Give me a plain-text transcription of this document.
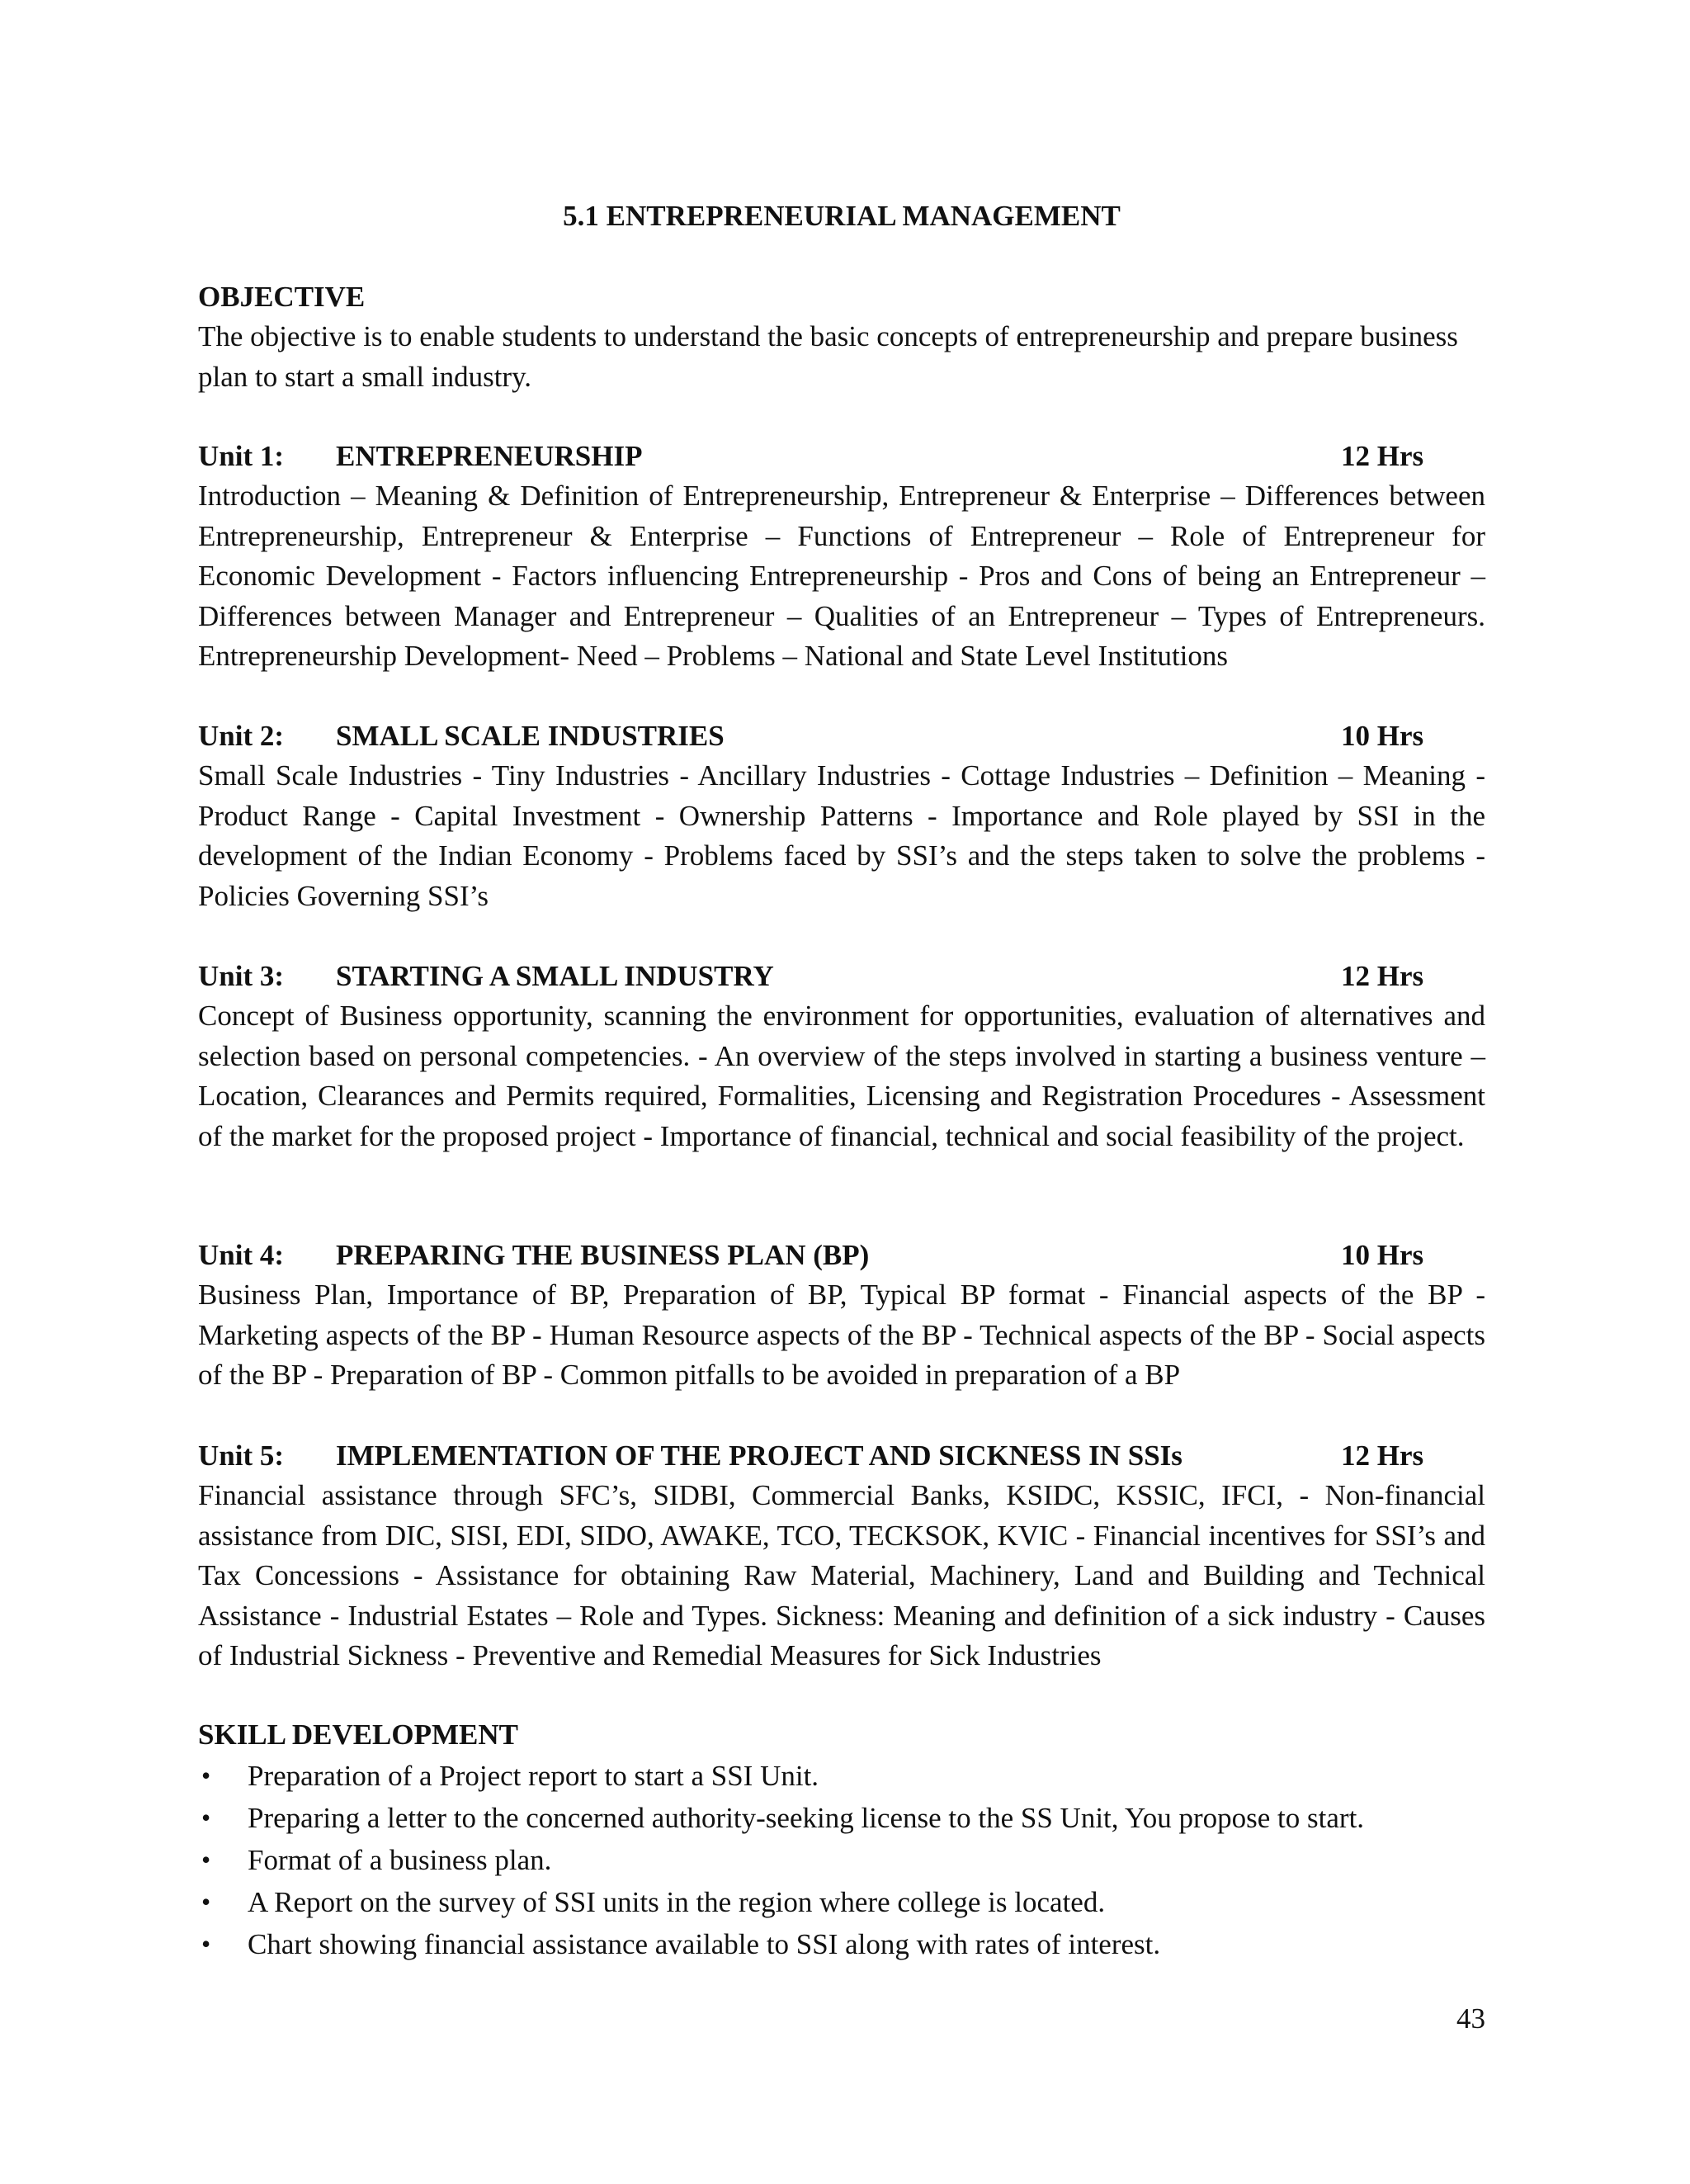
5.1 ENTREPRENEURIAL MANAGEMENT
OBJECTIVE
The objective is to enable students to understand the basic concepts of entrepreneurship and prepare business plan to start a small industry.
Unit 1: ENTREPRENEURSHIP	12 Hrs
Introduction – Meaning & Definition of Entrepreneurship, Entrepreneur & Enterprise – Differences between Entrepreneurship, Entrepreneur & Enterprise – Functions of Entrepreneur – Role of Entrepreneur for Economic Development - Factors influencing Entrepreneurship - Pros and Cons of being an Entrepreneur – Differences between Manager and Entrepreneur – Qualities of an Entrepreneur – Types of Entrepreneurs. Entrepreneurship Development- Need – Problems – National and State Level Institutions
Unit 2: SMALL SCALE INDUSTRIES	10 Hrs
Small Scale Industries - Tiny Industries - Ancillary Industries - Cottage Industries – Definition – Meaning - Product Range - Capital Investment - Ownership Patterns - Importance and Role played by SSI in the development of the Indian Economy - Problems faced by SSI’s and the steps taken to solve the problems - Policies Governing SSI’s
Unit 3: STARTING A SMALL INDUSTRY	12 Hrs
Concept of Business opportunity, scanning the environment for opportunities, evaluation of alternatives and selection based on personal competencies. - An overview of the steps involved in starting a business venture – Location, Clearances and Permits required, Formalities, Licensing and Registration Procedures - Assessment of the market for the proposed project - Importance of financial, technical and social feasibility of the project.
Unit 4: PREPARING THE BUSINESS PLAN (BP)	10 Hrs
Business Plan, Importance of BP, Preparation of BP, Typical BP format - Financial aspects of the BP - Marketing aspects of the BP - Human Resource aspects of the BP - Technical aspects of the BP - Social aspects of the BP - Preparation of BP - Common pitfalls to be avoided in preparation of a BP
Unit 5: IMPLEMENTATION OF THE PROJECT AND SICKNESS IN SSIs	12 Hrs
Financial assistance through SFC’s, SIDBI, Commercial Banks, KSIDC, KSSIC, IFCI, - Non-financial assistance from DIC, SISI, EDI, SIDO, AWAKE, TCO, TECKSOK, KVIC - Financial incentives for SSI’s and Tax Concessions - Assistance for obtaining Raw Material, Machinery, Land and Building and Technical Assistance - Industrial Estates – Role and Types. Sickness: Meaning and definition of a sick industry - Causes of Industrial Sickness - Preventive and Remedial Measures for Sick Industries
SKILL DEVELOPMENT
• Preparation of a Project report to start a SSI Unit.
• Preparing a letter to the concerned authority-seeking license to the SS Unit, You propose to start.
• Format of a business plan.
• A Report on the survey of SSI units in the region where college is located.
• Chart showing financial assistance available to SSI along with rates of interest.
43
